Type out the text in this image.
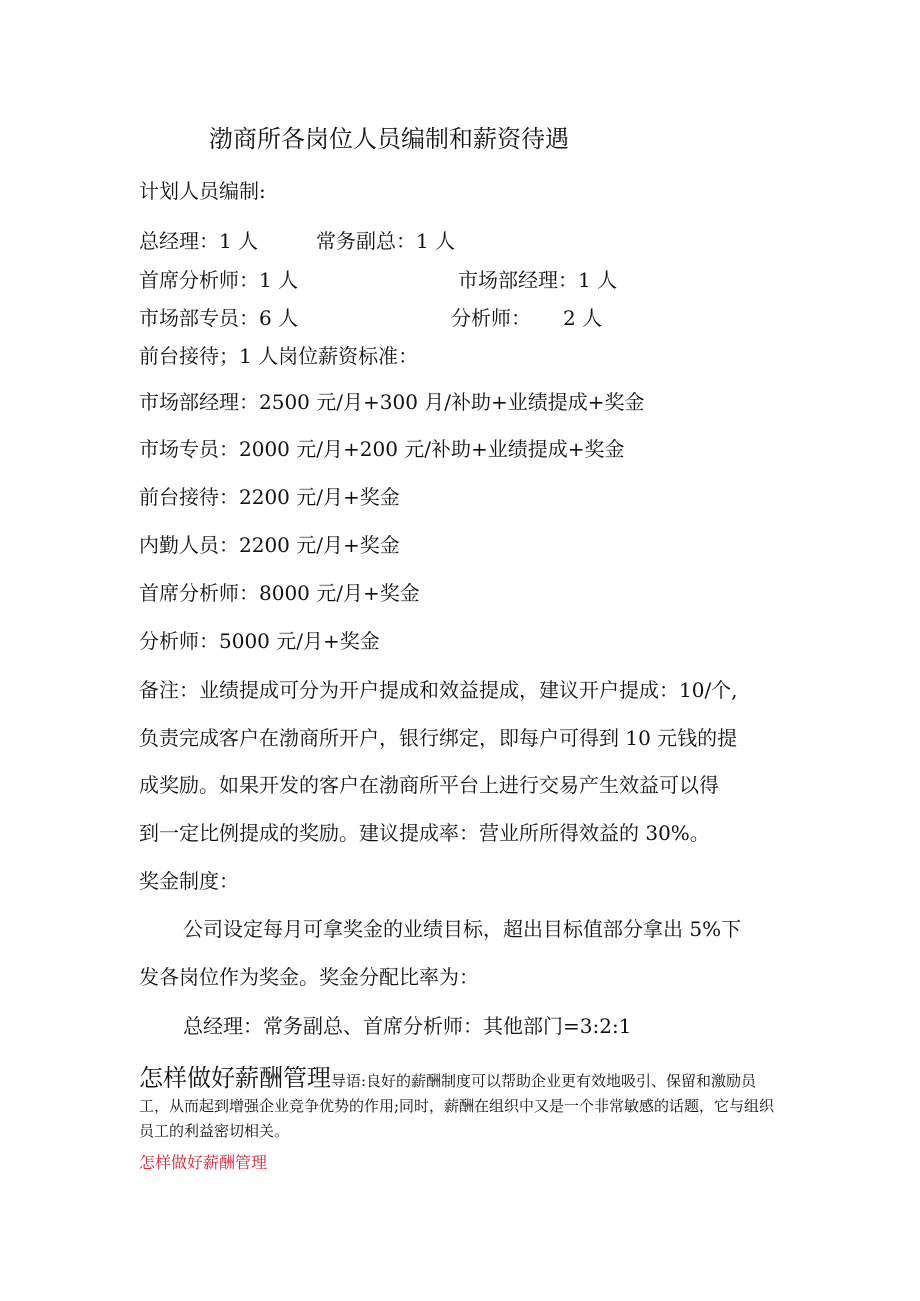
渤商所各岗位人员编制和薪资待遇
计划人员编制:
总经理：1 人	常务副总：1 人
首席分析师：1 人	市场部经理：1 人
市场部专员：6 人	分析师： 2 人
前台接待；1 人岗位薪资标准：
市场部经理：2500 元/月+300 月/补助+业绩提成+奖金
市场专员：2000 元/月+200 元/补助+业绩提成+奖金
前台接待：2200 元/月+奖金
内勤人员：2200 元/月+奖金
首席分析师：8000 元/月+奖金
分析师：5000 元/月+奖金
备注：业绩提成可分为开户提成和效益提成，建议开户提成：10/个,
负责完成客户在渤商所开户，银行绑定，即每户可得到 10 元钱的提
成奖励。如果开发的客户在渤商所平台上进行交易产生效益可以得
到一定比例提成的奖励。建议提成率：营业所所得效益的 30%。
奖金制度：
公司设定每月可拿奖金的业绩目标，超出目标值部分拿出 5%下
发各岗位作为奖金。奖金分配比率为：
总经理：常务副总、首席分析师：其他部门=3:2:1
怎样做好薪酬管理导语:良好的薪酬制度可以帮助企业更有效地吸引、保留和激励员工，从而起到增强企业竞争优势的作用;同时，薪酬在组织中又是一个非常敏感的话题，它与组织员工的利益密切相关。
怎样做好薪酬管理
